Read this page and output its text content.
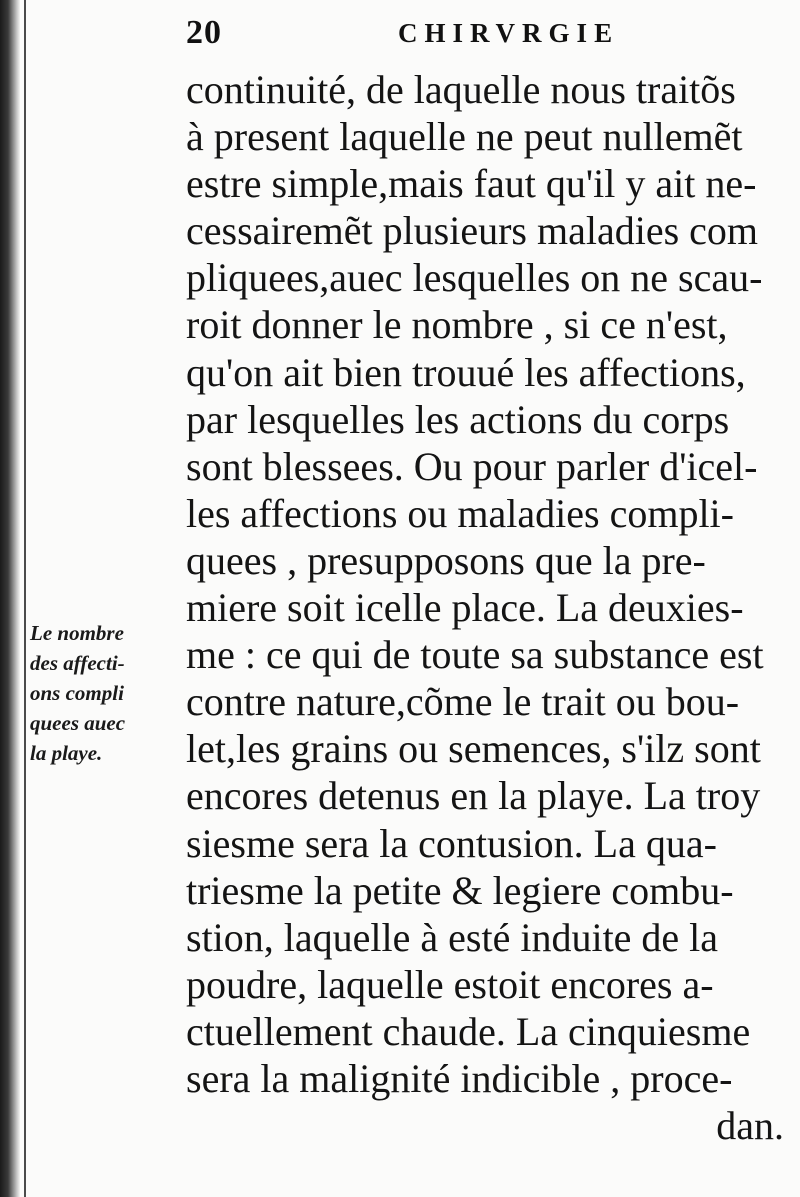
20	CHIRVRGIE
continuité, de laquelle nous traitõs
à present laquelle ne peut nullemẽt
estre simple,mais faut qu'il y ait ne-
cessairemẽt plusieurs maladies com
pliquees,auec lesquelles on ne scau-
roit donner le nombre , si ce n'est,
qu'on ait bien trouué les affections,
par lesquelles les actions du corps
sont blessees. Ou pour parler d'icel-
les affections ou maladies compli-
quees , presupposons que la pre-
miere soit icelle place. La deuxies-
me : ce qui de toute sa substance est
contre nature,cõme le trait ou bou-
let,les grains ou semences, s'ilz sont
encores detenus en la playe. La troy
siesme sera la contusion. La qua-
triesme la petite & legiere combu-
stion, laquelle à esté induite de la
poudre, laquelle estoit encores a-
ctuellement chaude. La cinquiesme
sera la malignité indicible , proce-
dan.
Le nombre
des affecti-
ons compli
quees auec
la playe.
